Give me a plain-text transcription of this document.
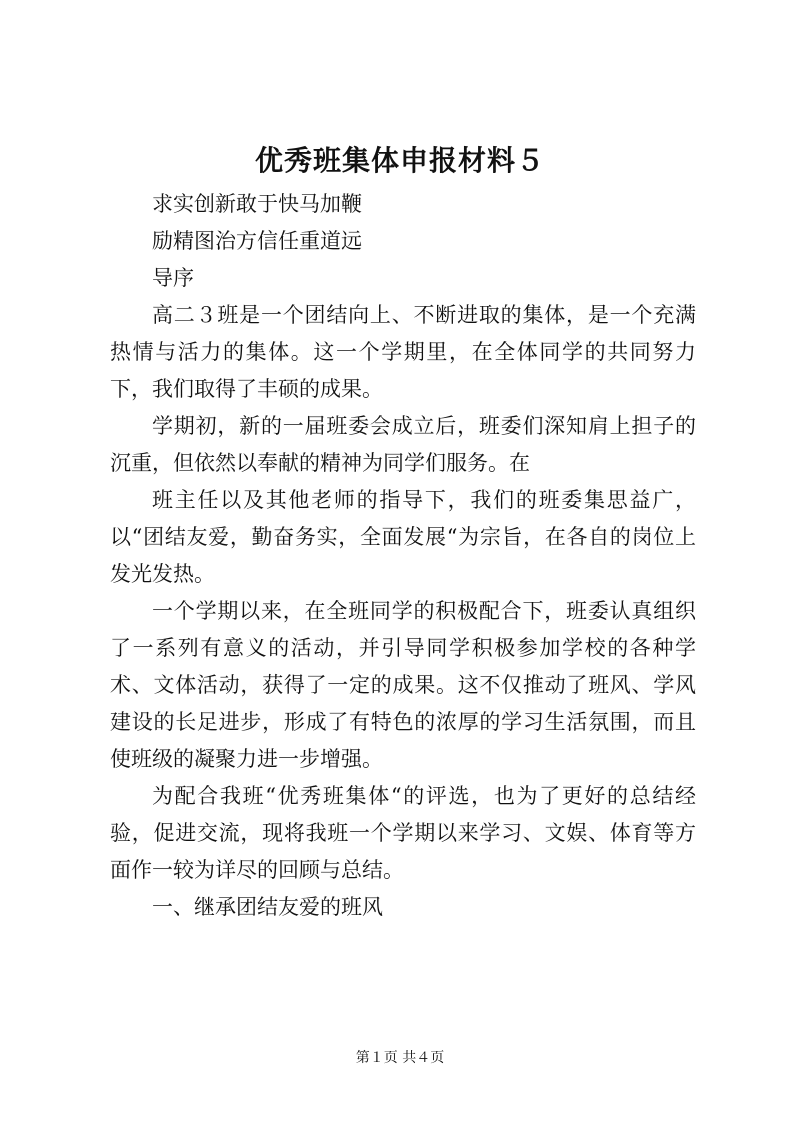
优秀班集体申报材料５

求实创新敢于快马加鞭

励精图治方信任重道远

导序

高二３班是一个团结向上、不断进取的集体，是一个充满热情与活力的集体。这一个学期里，在全体同学的共同努力下，我们取得了丰硕的成果。

学期初，新的一届班委会成立后，班委们深知肩上担子的沉重，但依然以奉献的精神为同学们服务。在

班主任以及其他老师的指导下，我们的班委集思益广，以“团结友爱，勤奋务实，全面发展“为宗旨，在各自的岗位上发光发热。

一个学期以来，在全班同学的积极配合下，班委认真组织了一系列有意义的活动，并引导同学积极参加学校的各种学术、文体活动，获得了一定的成果。这不仅推动了班风、学风建设的长足进步，形成了有特色的浓厚的学习生活氛围，而且使班级的凝聚力进一步增强。

为配合我班“优秀班集体“的评选，也为了更好的总结经验，促进交流，现将我班一个学期以来学习、文娱、体育等方面作一较为详尽的回顾与总结。

一、继承团结友爱的班风

第１页 共４页
